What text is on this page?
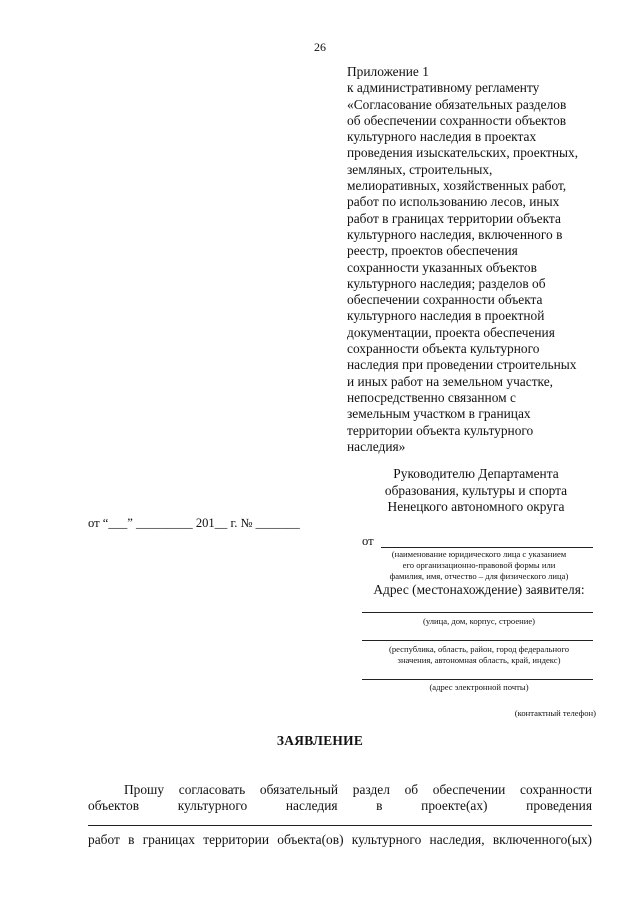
26
Приложение 1
к административному регламенту
«Согласование обязательных разделов
об обеспечении сохранности объектов
культурного наследия в проектах
проведения изыскательских, проектных,
земляных, строительных,
мелиоративных, хозяйственных работ,
работ по использованию лесов, иных
работ в границах территории объекта
культурного наследия, включенного в
реестр, проектов обеспечения
сохранности указанных объектов
культурного наследия; разделов об
обеспечении сохранности объекта
культурного наследия в проектной
документации, проекта обеспечения
сохранности объекта культурного
наследия при проведении строительных
и иных работ на земельном участке,
непосредственно связанном с
земельным участком в границах
территории объекта культурного
наследия»
Руководителю Департамента
образования, культуры и спорта
Ненецкого автономного округа
от “___” _________ 201__ г. № _______
от
(наименование юридического лица с указанием
его организационно-правовой формы или
фамилия, имя, отчество – для физического лица)
Адрес (местонахождение) заявителя:
(улица, дом, корпус, строение)
(республика, область, район, город федерального
значения, автономная область, край, индекс)
(адрес электронной почты)
(контактный телефон)
ЗАЯВЛЕНИЕ
Прошу согласовать обязательный раздел об обеспечении сохранности
объектов культурного наследия в проекте(ах) проведения
работ в границах территории объекта(ов) культурного наследия, включенного(ых)
